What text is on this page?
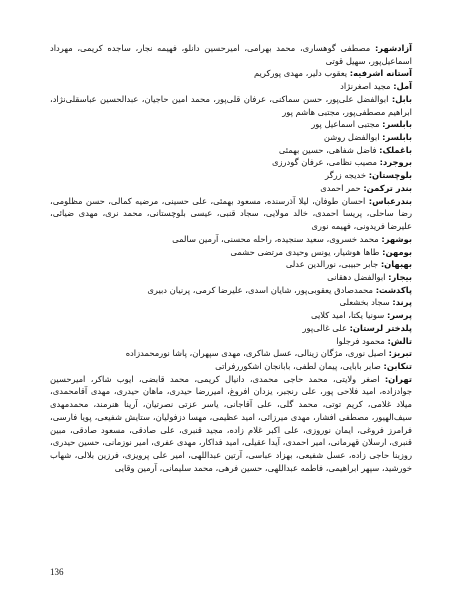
آزادشهر: مصطفی گوهساری، محمد بهرامی، امیرحسین دانلو، فهیمه نجار، ساجده کریمی، مهرداد اسماعیل‌پور، سهیل قوتی

آستانه اشرفیه: یعقوب دلیر، مهدی پورکریم

آمل: مجید اصغرنژاد

بابل: ابوالفضل علی‌پور، حسن سماکنی، عرفان قلی‌پور، محمد امین حاجیان، عبدالحسین عباسقلی‌نژاد، ابراهیم مصطفی‌پور، مجتبی هاشم پور

بابلسر: مجتبی اسماعیل پور

بابلسر: ابوالفضل روشن

باغملک: فاضل شفاهی، حسین بهمئی

بروجرد: مصیب نظامی، عرفان گودرزی

بلوچستان: خدیجه زرگر

بندر ترکمن: حمر احمدی

بندرعباس: احسان طوفان، لیلا آذرسنده، مسعود بهمئی، علی حسینی، مرضیه کمالی، حسن مظلومی، رضا ساحلی، پریسا احمدی، خالد مولایی، سجاد قنبی، عیسی بلوچستانی، محمد نری، مهدی ضیائی، علیرضا فریدونی، فهیمه نوری

بوشهر: محمد خسروی، سعید سنجیده، راحله محسنی، آرمین سالمی

بومهن: طاها هوشیار، یونس وحیدی مرتضی حشمی

بهبهان: جابر حبیبی، نورالدین عدلی

بیجار: ابوالفضل دهقانی

پاکدشت: محمدصادق یعقوبی‌پور، شایان اسدی، علیرضا کرمی، پرنیان دبیری

پرند: سجاد بخشعلی

پرسر: سونیا یکتا، امید کلایی

پلدختر لرستان: علی غالی‌پور

تالش: محمود فرجلوا

تبریز: اصیل نوری، مژگان زینالی، عسل شاکری، مهدی سپهران، پاشا نورمحمدزاده

تنکابن: صابر بابایی، پیمان لطفی، بابانجان اشکوررفراتی

تهران: اصغر ولایتی، محمد حاجی محمدی، دانیال کریمی، محمد قابضی، ایوب شاکر، امیرحسین جوادزاده، امید فلاحی پور، علی رنجبر، یزدان افروغ، امیررضا حیدری، ماهان حیدری، مهدی آقامحمدی، میلاد غلامی، کریم توتی، محمد گلی، علی آقاجانی، یاسر عزتی نصرتیان، آرینا هنرمند، محمدمهدی سیف‌الهیور، مصطفی افشار، مهدی میرزائی، امید عظیمی، مهسا دزفولیان، ستایش شفیعی، پویا فارسی، فرامرز فروغی، ایمان نوروزی، علی اکبر غلام زاده، مجید قنبری، علی صادقی، مسعود صادقی، مبین قنبری، ارسلان قهرمانی، امیر احمدی، آیدا عقیلی، امید فداکار، مهدی عفری، امیر نوزمانی، حسین حیدری، روزبنا حاجی زاده، عسل شفیعی، بهزاد عباسی، آرتین عبداللهی، امیر علی پرویزی، فرزین بلالی، شهاب خورشید، سپهر ابراهیمی، فاطمه عبداللهی، حسین فرهی، محمد سلیمانی، آرمین وقایی

136
